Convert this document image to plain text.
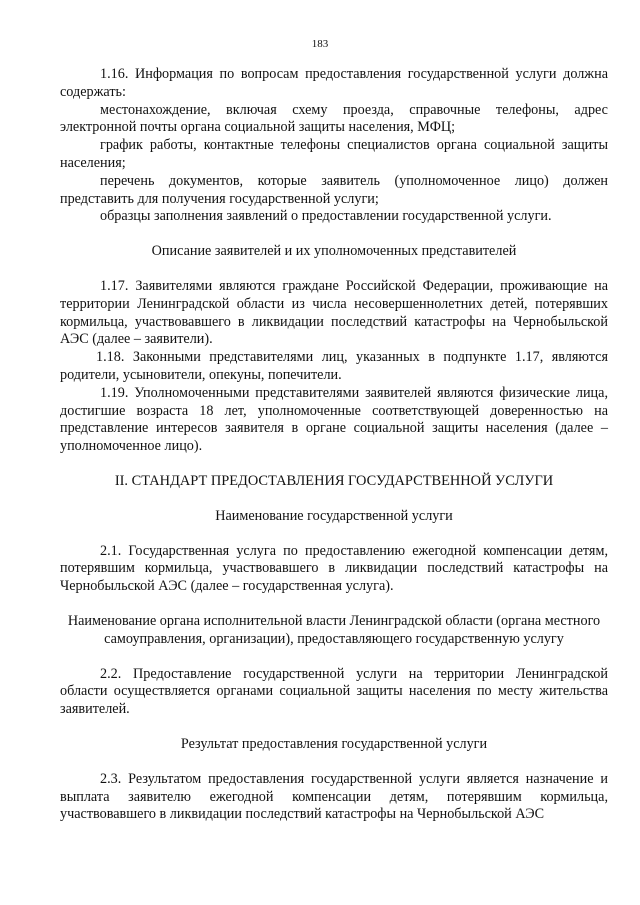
183

1.16. Информация по вопросам предоставления государственной услуги должна содержать:

местонахождение, включая схему проезда, справочные телефоны, адрес электронной почты органа социальной защиты населения, МФЦ;

график работы, контактные телефоны специалистов органа социальной защиты населения;

перечень документов, которые заявитель (уполномоченное лицо) должен представить для получения государственной услуги;

образцы заполнения заявлений о предоставлении государственной услуги.

Описание заявителей и их уполномоченных представителей

1.17. Заявителями являются граждане Российской Федерации, проживающие на территории Ленинградской области из числа несовершеннолетних детей, потерявших кормильца, участвовавшего в ликвидации последствий катастрофы на Чернобыльской АЭС (далее – заявители).

1.18. Законными представителями лиц, указанных в подпункте 1.17, являются родители, усыновители, опекуны, попечители.

1.19. Уполномоченными представителями заявителей являются физические лица, достигшие возраста 18 лет, уполномоченные соответствующей доверенностью на представление интересов заявителя в органе социальной защиты населения (далее – уполномоченное лицо).

II. СТАНДАРТ ПРЕДОСТАВЛЕНИЯ ГОСУДАРСТВЕННОЙ УСЛУГИ

Наименование государственной услуги

2.1. Государственная услуга по предоставлению ежегодной компенсации детям, потерявшим кормильца, участвовавшего в ликвидации последствий катастрофы на Чернобыльской АЭС (далее – государственная услуга).

Наименование органа исполнительной власти Ленинградской области (органа местного самоуправления, организации), предоставляющего государственную услугу

2.2. Предоставление государственной услуги на территории Ленинградской области осуществляется органами социальной защиты населения по месту жительства заявителей.

Результат предоставления государственной услуги

2.3. Результатом предоставления государственной услуги является назначение и выплата заявителю ежегодной компенсации детям, потерявшим кормильца, участвовавшего в ликвидации последствий катастрофы на Чернобыльской АЭС
